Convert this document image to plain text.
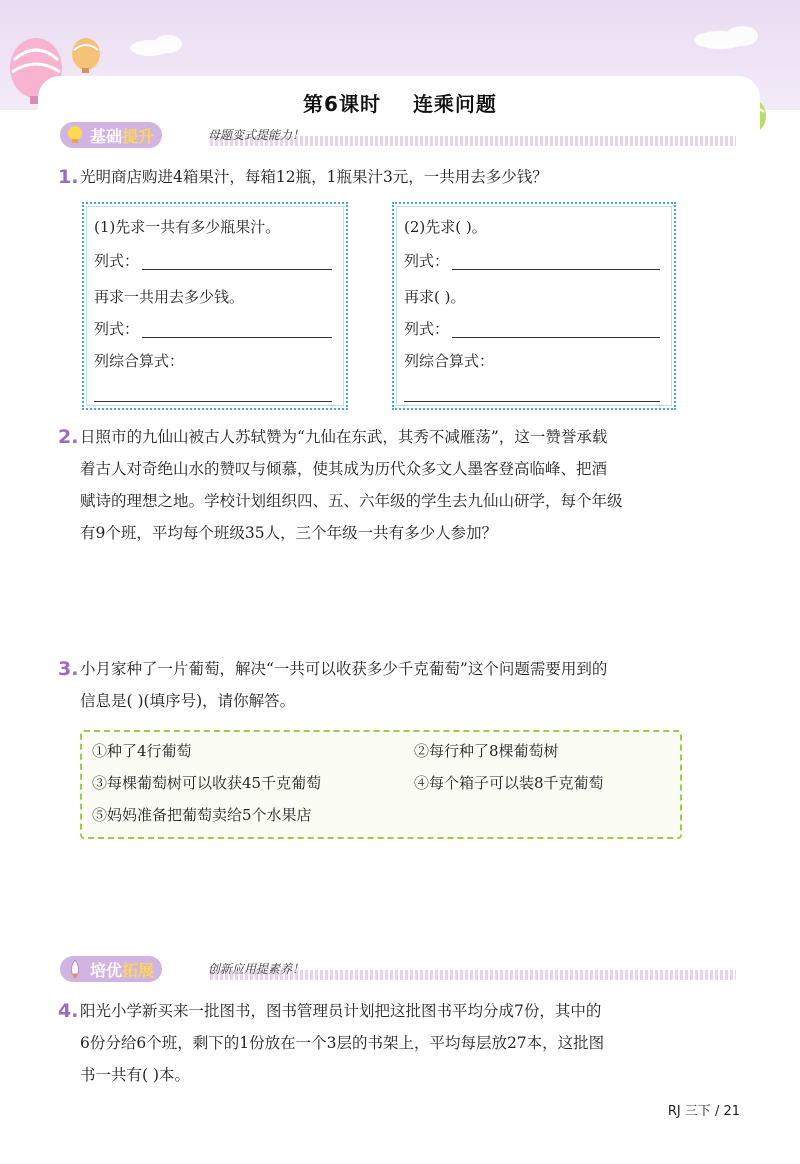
第6课时 连乘问题
基础 提升	母题变式提能力！
1. 光明商店购进4箱果汁，每箱12瓶，1瓶果汁3元，一共用去多少钱？
(1)先求一共有多少瓶果汁。
列式：
再求一共用去多少钱。
列式：
列综合算式：
(2)先求( )。
列式：
再求( )。
列式：
列综合算式：
2. 日照市的九仙山被古人苏轼赞为“九仙在东武，其秀不减雁荡”，这一赞誉承载
着古人对奇绝山水的赞叹与倾慕，使其成为历代众多文人墨客登高临峰、把酒
赋诗的理想之地。学校计划组织四、五、六年级的学生去九仙山研学，每个年级
有9个班，平均每个班级35人，三个年级一共有多少人参加？
3. 小月家种了一片葡萄，解决“一共可以收获多少千克葡萄”这个问题需要用到的
信息是( )(填序号)，请你解答。
①种了4行葡萄	②每行种了8棵葡萄树
③每棵葡萄树可以收获45千克葡萄	④每个箱子可以装8千克葡萄
⑤妈妈准备把葡萄卖给5个水果店
培优 拓展	创新应用提素养！
4. 阳光小学新买来一批图书，图书管理员计划把这批图书平均分成7份，其中的
6份分给6个班，剩下的1份放在一个3层的书架上，平均每层放27本，这批图
书一共有( )本。
RJ 三下 / 21
